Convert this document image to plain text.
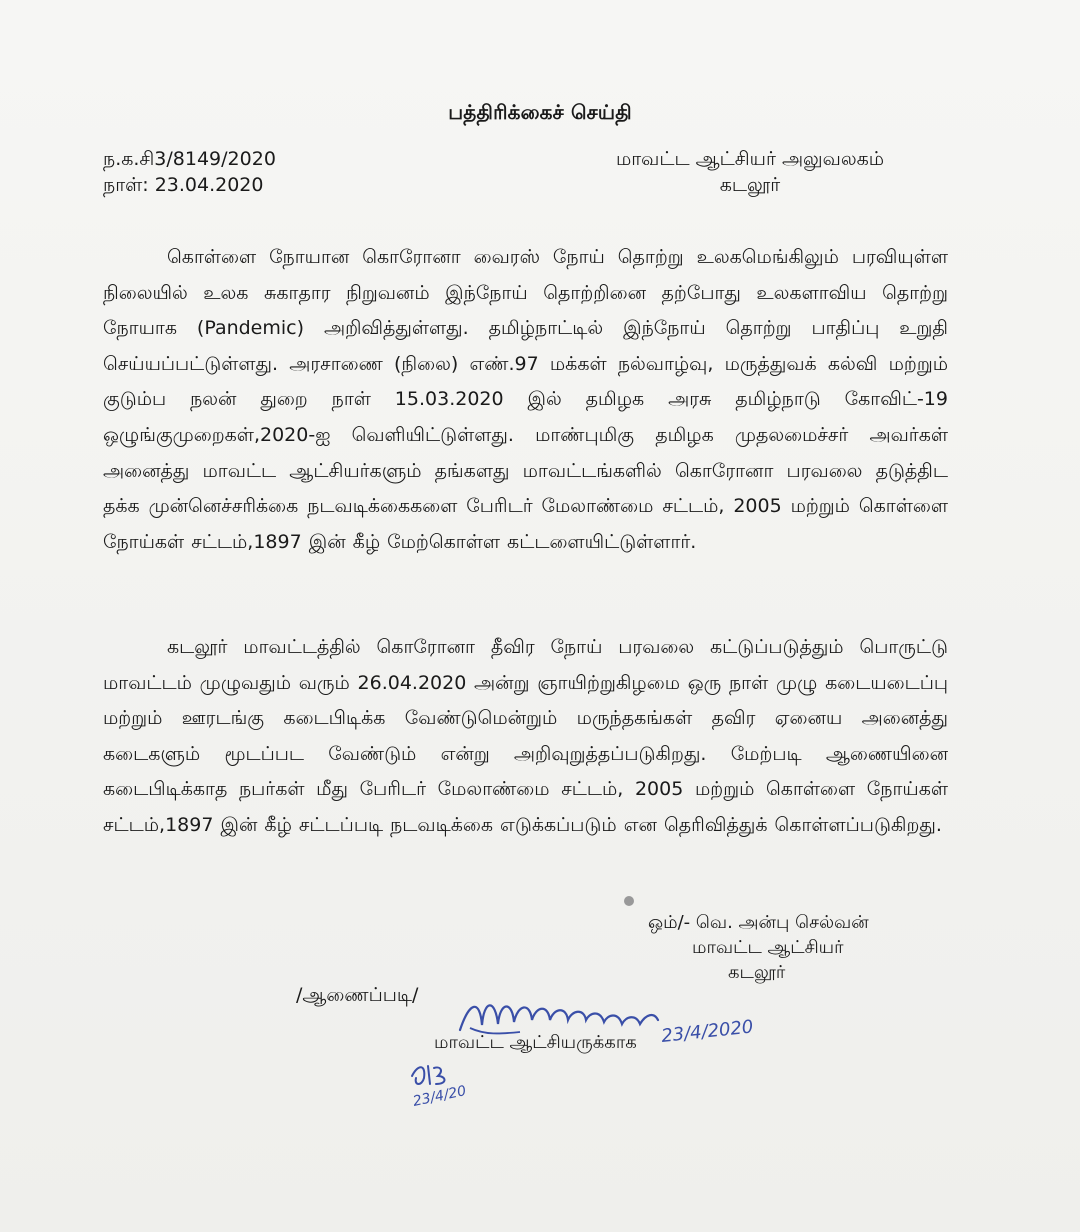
பத்திரிக்கைச் செய்தி
ந.க.சி3/8149/2020
நாள்: 23.04.2020
மாவட்ட ஆட்சியர் அலுவலகம்
கடலூர்
கொள்ளை நோயான கொரோனா வைரஸ் நோய் தொற்று உலகமெங்கிலும் பரவியுள்ள நிலையில் உலக சுகாதார நிறுவனம் இந்நோய் தொற்றினை தற்போது உலகளாவிய தொற்று நோயாக (Pandemic) அறிவித்துள்ளது. தமிழ்நாட்டில் இந்நோய் தொற்று பாதிப்பு உறுதி செய்யப்பட்டுள்ளது. அரசாணை (நிலை) எண்.97 மக்கள் நல்வாழ்வு, மருத்துவக் கல்வி மற்றும் குடும்ப நலன் துறை நாள் 15.03.2020 இல் தமிழக அரசு தமிழ்நாடு கோவிட்-19 ஒழுங்குமுறைகள்,2020-ஐ வெளியிட்டுள்ளது. மாண்புமிகு தமிழக முதலமைச்சர் அவர்கள் அனைத்து மாவட்ட ஆட்சியர்களும் தங்களது மாவட்டங்களில் கொரோனா பரவலை தடுத்திட தக்க முன்னெச்சரிக்கை நடவடிக்கைகளை பேரிடர் மேலாண்மை சட்டம், 2005 மற்றும் கொள்ளை நோய்கள் சட்டம்,1897 இன் கீழ் மேற்கொள்ள கட்டளையிட்டுள்ளார்.
கடலூர் மாவட்டத்தில் கொரோனா தீவிர நோய் பரவலை கட்டுப்படுத்தும் பொருட்டு மாவட்டம் முழுவதும் வரும் 26.04.2020 அன்று ஞாயிற்றுகிழமை ஒரு நாள் முழு கடையடைப்பு மற்றும் ஊரடங்கு கடைபிடிக்க வேண்டுமென்றும் மருந்தகங்கள் தவிர ஏனைய அனைத்து கடைகளும் மூடப்பட வேண்டும் என்று அறிவுறுத்தப்படுகிறது. மேற்படி ஆணையினை கடைபிடிக்காத நபர்கள் மீது பேரிடர் மேலாண்மை சட்டம், 2005 மற்றும் கொள்ளை நோய்கள் சட்டம்,1897 இன் கீழ் சட்டப்படி நடவடிக்கை எடுக்கப்படும் என தெரிவித்துக் கொள்ளப்படுகிறது.
ஒம்/- வெ. அன்பு செல்வன்
மாவட்ட ஆட்சியர்
கடலூர்
/ஆணைப்படி/
23/4/2020
மாவட்ட ஆட்சியருக்காக
23/4/20
